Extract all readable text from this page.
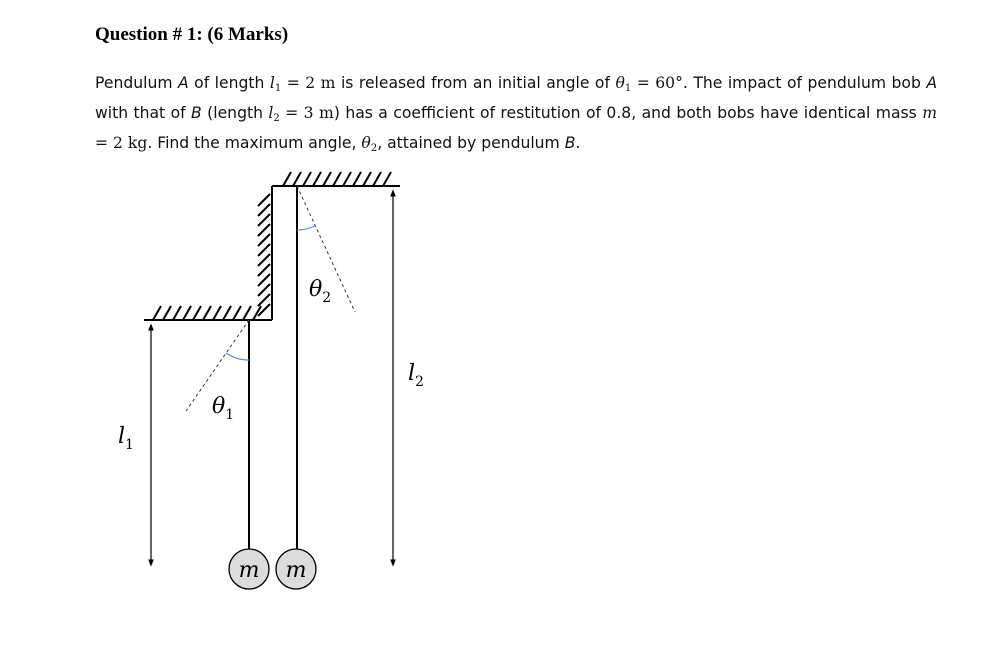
Question # 1: (6 Marks)
Pendulum A of length $l_1 = 2$ m is released from an initial angle of $\theta_1 = 60^\circ$. The impact of pendulum bob A with that of B (length $l_2 = 3$ m) has a coefficient of restitution of 0.8, and both bobs have identical mass m = 2 kg. Find the maximum angle, $\theta_2$, attained by pendulum B.
m m
$\theta_1$
$\theta_2$
$l_1$
$l_2$
